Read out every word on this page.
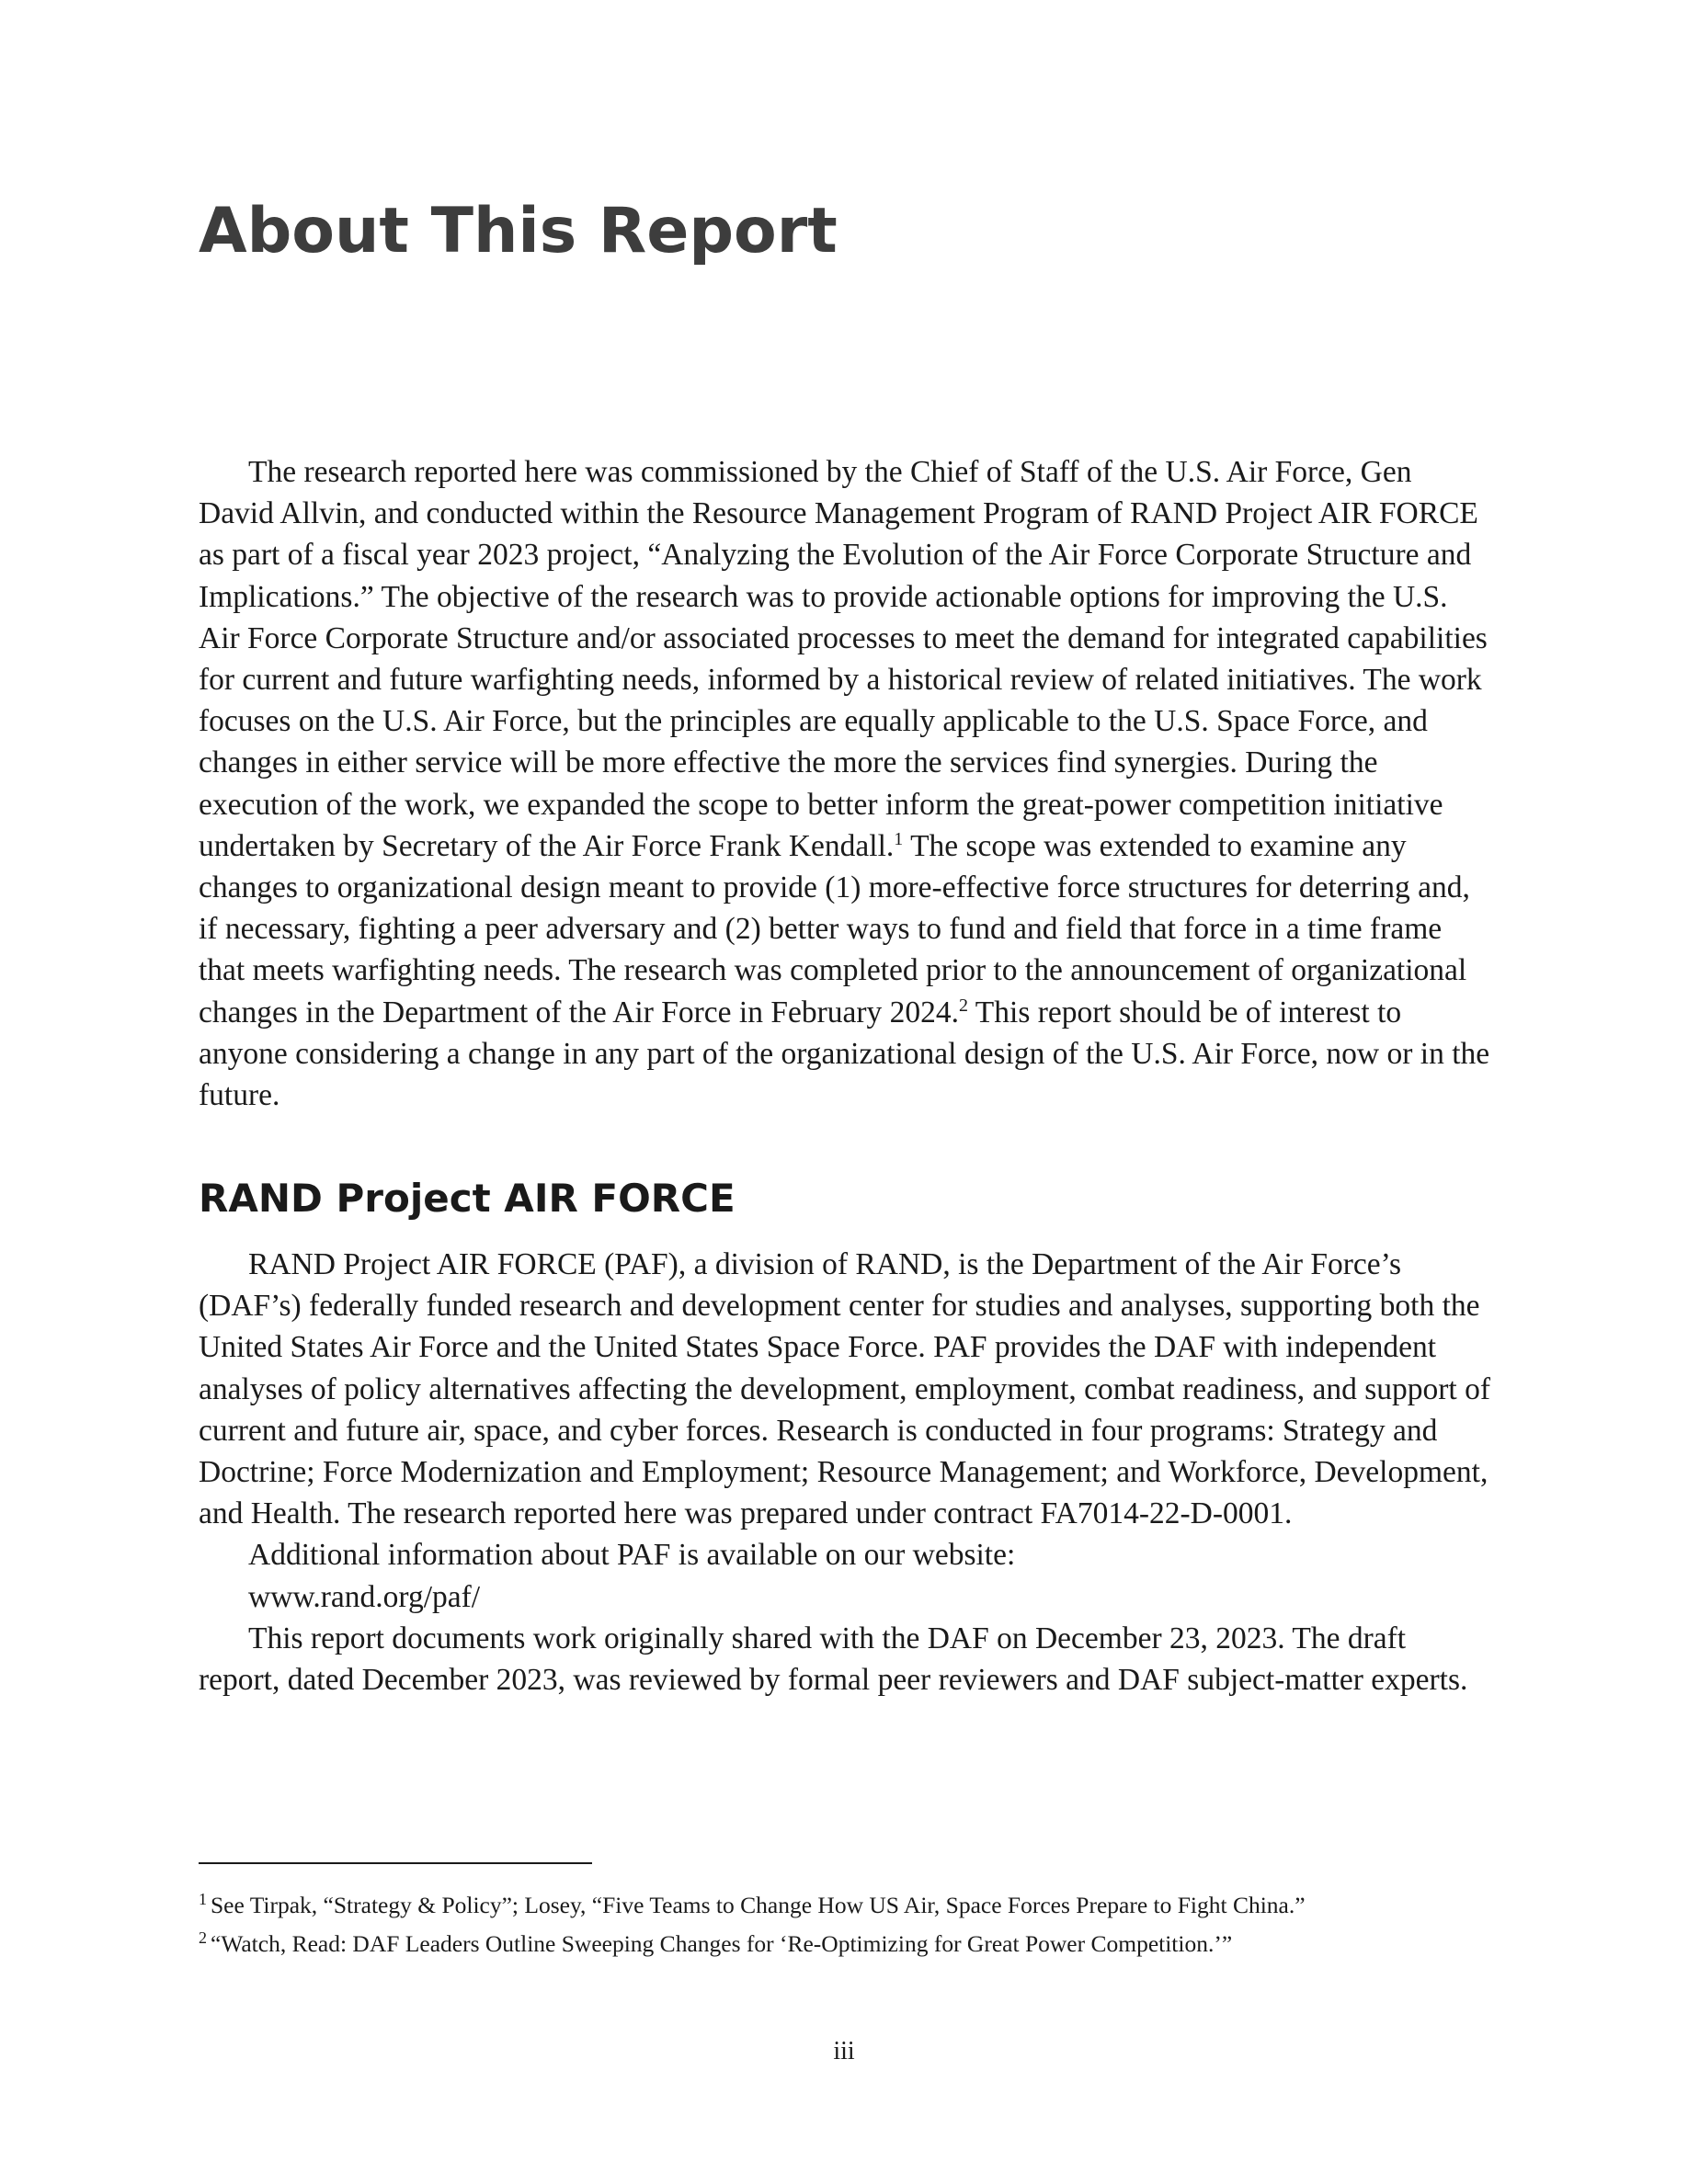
About This Report

The research reported here was commissioned by the Chief of Staff of the U.S. Air Force, Gen David Allvin, and conducted within the Resource Management Program of RAND Project AIR FORCE as part of a fiscal year 2023 project, “Analyzing the Evolution of the Air Force Corporate Structure and Implications.” The objective of the research was to provide actionable options for improving the U.S. Air Force Corporate Structure and/or associated processes to meet the demand for integrated capabilities for current and future warfighting needs, informed by a historical review of related initiatives. The work focuses on the U.S. Air Force, but the principles are equally applicable to the U.S. Space Force, and changes in either service will be more effective the more the services find synergies. During the execution of the work, we expanded the scope to better inform the great-power competition initiative undertaken by Secretary of the Air Force Frank Kendall.$^1$ The scope was extended to examine any changes to organizational design meant to provide (1) more-effective force structures for deterring and, if necessary, fighting a peer adversary and (2) better ways to fund and field that force in a time frame that meets warfighting needs. The research was completed prior to the announcement of organizational changes in the Department of the Air Force in February 2024.$^2$ This report should be of interest to anyone considering a change in any part of the organizational design of the U.S. Air Force, now or in the future.

RAND Project AIR FORCE

RAND Project AIR FORCE (PAF), a division of RAND, is the Department of the Air Force’s (DAF’s) federally funded research and development center for studies and analyses, supporting both the United States Air Force and the United States Space Force. PAF provides the DAF with independent analyses of policy alternatives affecting the development, employment, combat readiness, and support of current and future air, space, and cyber forces. Research is conducted in four programs: Strategy and Doctrine; Force Modernization and Employment; Resource Management; and Workforce, Development, and Health. The research reported here was prepared under contract FA7014-22-D-0001.

Additional information about PAF is available on our website:

www.rand.org/paf/

This report documents work originally shared with the DAF on December 23, 2023. The draft report, dated December 2023, was reviewed by formal peer reviewers and DAF subject-matter experts.

$^1$ See Tirpak, “Strategy & Policy”; Losey, “Five Teams to Change How US Air, Space Forces Prepare to Fight China.”
$^2$ “Watch, Read: DAF Leaders Outline Sweeping Changes for ‘Re-Optimizing for Great Power Competition.’”
iii
